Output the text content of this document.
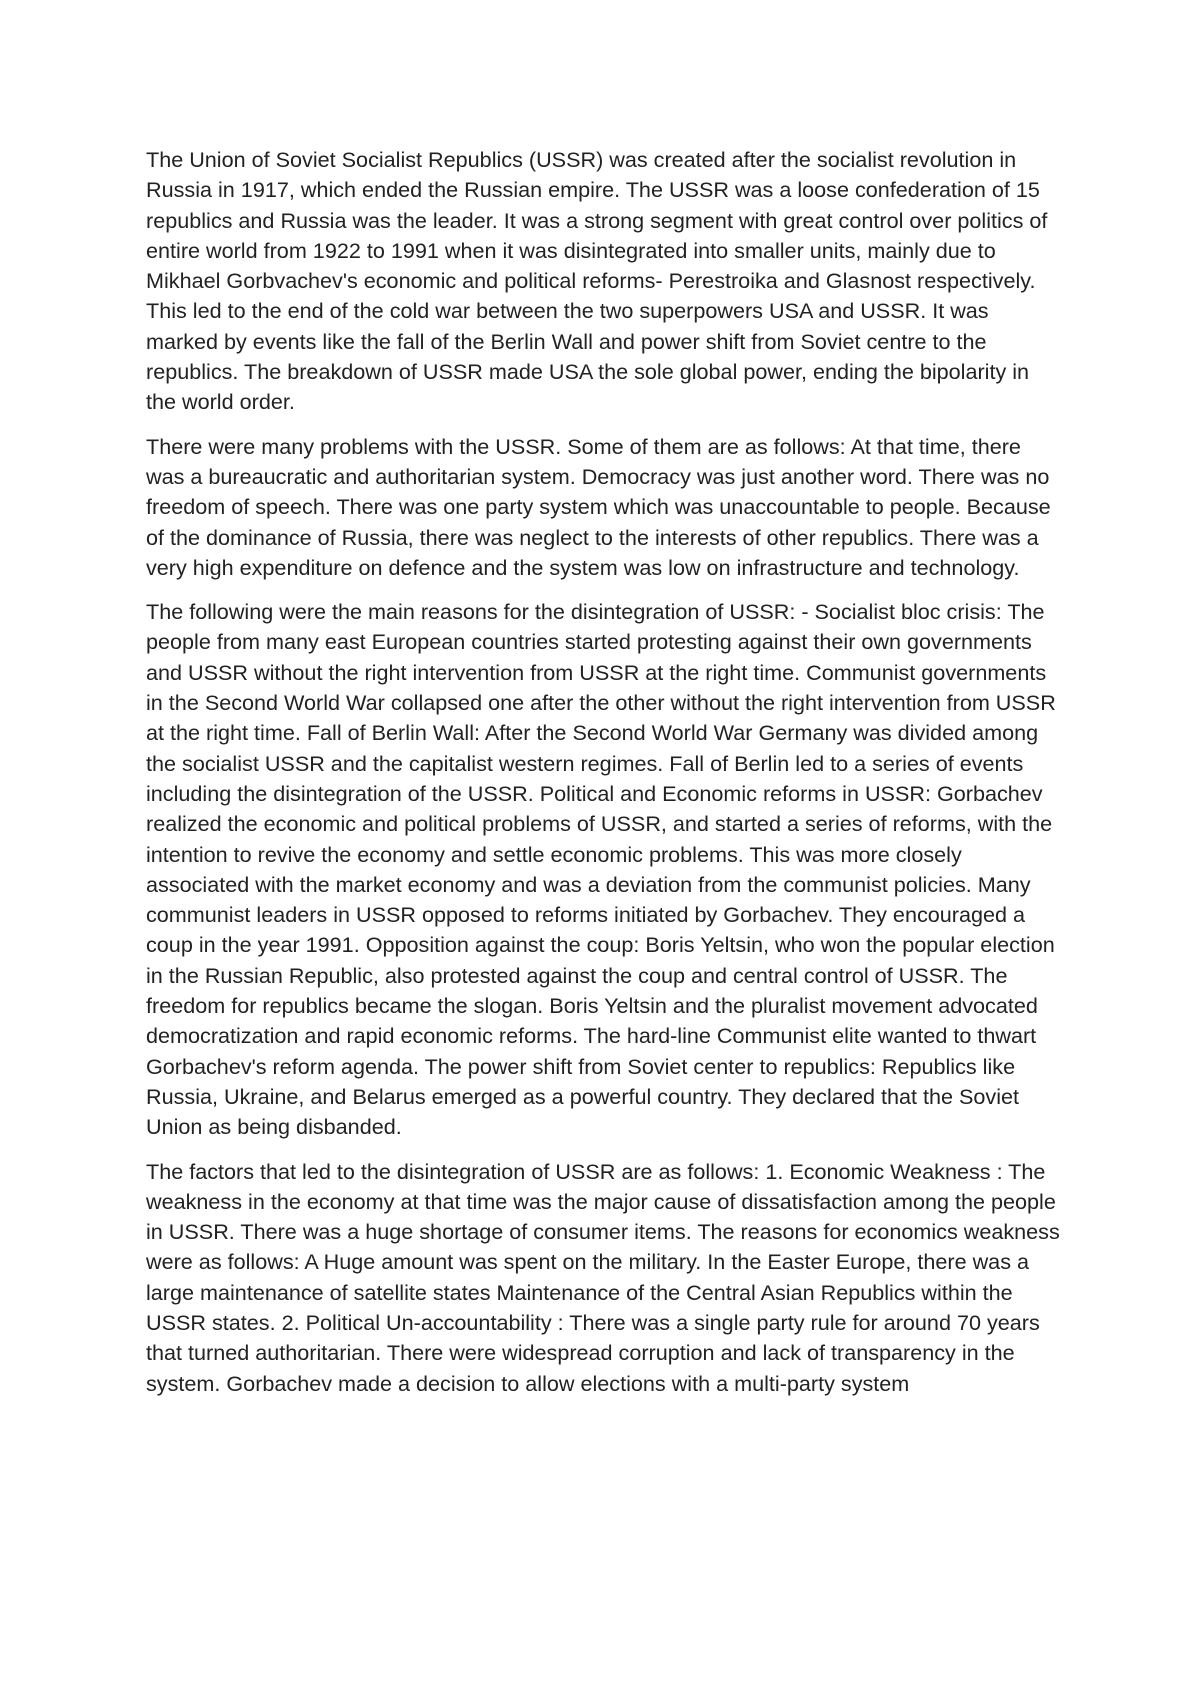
The Union of Soviet Socialist Republics (USSR) was created after the socialist revolution in Russia in 1917, which ended the Russian empire. The USSR was a loose confederation of 15 republics and Russia was the leader. It was a strong segment with great control over politics of entire world from 1922 to 1991 when it was disintegrated into smaller units, mainly due to Mikhael Gorbvachev's economic and political reforms- Perestroika and Glasnost respectively. This led to the end of the cold war between the two superpowers USA and USSR. It was marked by events like the fall of the Berlin Wall and power shift from Soviet centre to the republics. The breakdown of USSR made USA the sole global power, ending the bipolarity in the world order.

There were many problems with the USSR. Some of them are as follows: At that time, there was a bureaucratic and authoritarian system. Democracy was just another word. There was no freedom of speech. There was one party system which was unaccountable to people. Because of the dominance of Russia, there was neglect to the interests of other republics. There was a very high expenditure on defence and the system was low on infrastructure and technology.

The following were the main reasons for the disintegration of USSR: - Socialist bloc crisis: The people from many east European countries started protesting against their own governments and USSR without the right intervention from USSR at the right time. Communist governments in the Second World War collapsed one after the other without the right intervention from USSR at the right time. Fall of Berlin Wall: After the Second World War Germany was divided among the socialist USSR and the capitalist western regimes. Fall of Berlin led to a series of events including the disintegration of the USSR. Political and Economic reforms in USSR: Gorbachev realized the economic and political problems of USSR, and started a series of reforms, with the intention to revive the economy and settle economic problems. This was more closely associated with the market economy and was a deviation from the communist policies. Many communist leaders in USSR opposed to reforms initiated by Gorbachev. They encouraged a coup in the year 1991. Opposition against the coup: Boris Yeltsin, who won the popular election in the Russian Republic, also protested against the coup and central control of USSR. The freedom for republics became the slogan. Boris Yeltsin and the pluralist movement advocated democratization and rapid economic reforms. The hard-line Communist elite wanted to thwart Gorbachev's reform agenda. The power shift from Soviet center to republics: Republics like Russia, Ukraine, and Belarus emerged as a powerful country. They declared that the Soviet Union as being disbanded.

The factors that led to the disintegration of USSR are as follows: 1. Economic Weakness : The weakness in the economy at that time was the major cause of dissatisfaction among the people in USSR. There was a huge shortage of consumer items. The reasons for economics weakness were as follows: A Huge amount was spent on the military. In the Easter Europe, there was a large maintenance of satellite states Maintenance of the Central Asian Republics within the USSR states. 2. Political Un-accountability : There was a single party rule for around 70 years that turned authoritarian. There were widespread corruption and lack of transparency in the system. Gorbachev made a decision to allow elections with a multi-party system
